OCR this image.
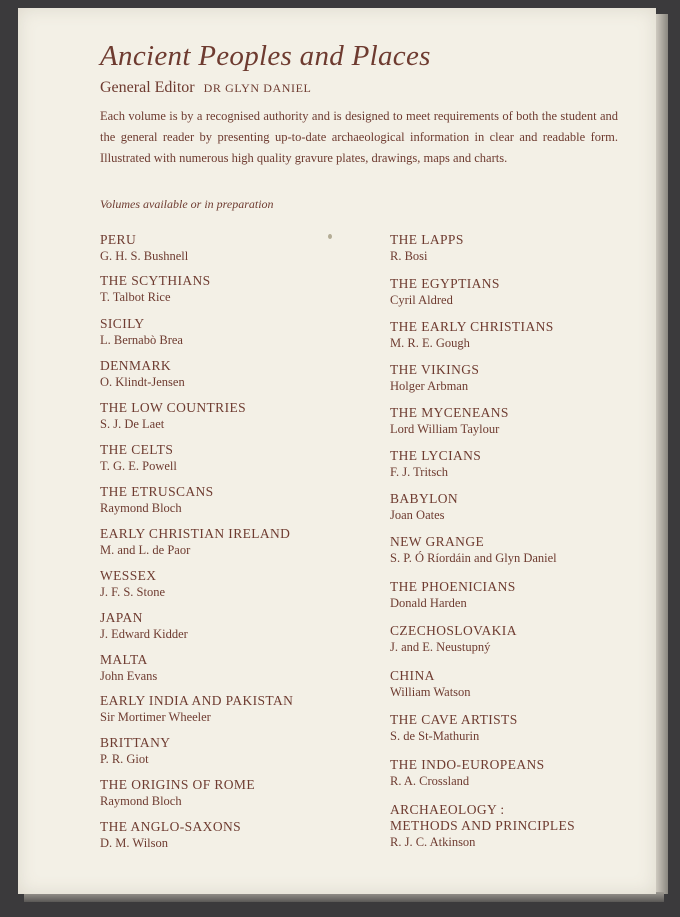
Ancient Peoples and Places
General Editor DR GLYN DANIEL
Each volume is by a recognised authority and is designed to meet requirements of both the student and the general reader by presenting up-to-date archaeological information in clear and readable form. Illustrated with numerous high quality gravure plates, drawings, maps and charts.
Volumes available or in preparation
PERU
G. H. S. Bushnell
THE SCYTHIANS
T. Talbot Rice
SICILY
L. Bernabò Brea
DENMARK
O. Klindt-Jensen
THE LOW COUNTRIES
S. J. De Laet
THE CELTS
T. G. E. Powell
THE ETRUSCANS
Raymond Bloch
EARLY CHRISTIAN IRELAND
M. and L. de Paor
WESSEX
J. F. S. Stone
JAPAN
J. Edward Kidder
MALTA
John Evans
EARLY INDIA AND PAKISTAN
Sir Mortimer Wheeler
BRITTANY
P. R. Giot
THE ORIGINS OF ROME
Raymond Bloch
THE ANGLO-SAXONS
D. M. Wilson
THE LAPPS
R. Bosi
THE EGYPTIANS
Cyril Aldred
THE EARLY CHRISTIANS
M. R. E. Gough
THE VIKINGS
Holger Arbman
THE MYCENEANS
Lord William Taylour
THE LYCIANS
F. J. Tritsch
BABYLON
Joan Oates
NEW GRANGE
S. P. Ó Ríordáin and Glyn Daniel
THE PHOENICIANS
Donald Harden
CZECHOSLOVAKIA
J. and E. Neustupný
CHINA
William Watson
THE CAVE ARTISTS
S. de St-Mathurin
THE INDO-EUROPEANS
R. A. Crossland
ARCHAEOLOGY :
METHODS AND PRINCIPLES
R. J. C. Atkinson
